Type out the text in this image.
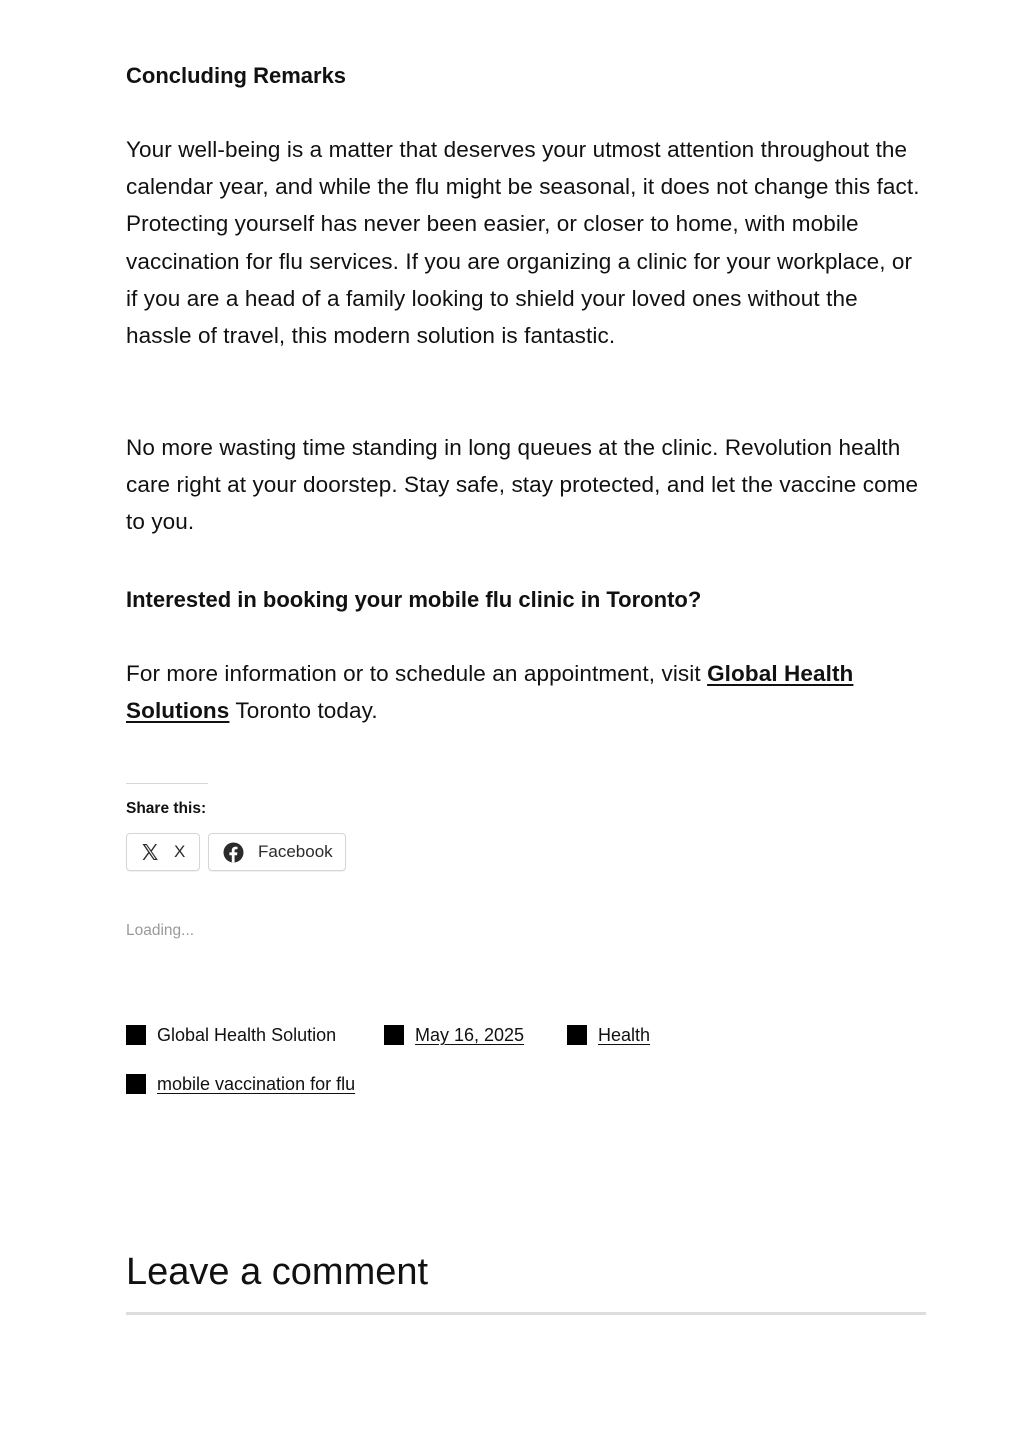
Concluding Remarks

Your well-being is a matter that deserves your utmost attention throughout the calendar year, and while the flu might be seasonal, it does not change this fact. Protecting yourself has never been easier, or closer to home, with mobile vaccination for flu services. If you are organizing a clinic for your workplace, or if you are a head of a family looking to shield your loved ones without the hassle of travel, this modern solution is fantastic.

No more wasting time standing in long queues at the clinic. Revolution health care right at your doorstep. Stay safe, stay protected, and let the vaccine come to you.

Interested in booking your mobile flu clinic in Toronto?

For more information or to schedule an appointment, visit Global Health Solutions Toronto today.

Share this:
X	Facebook
Loading...
Global Health Solution	May 16, 2025	Health
mobile vaccination for flu
Leave a comment
